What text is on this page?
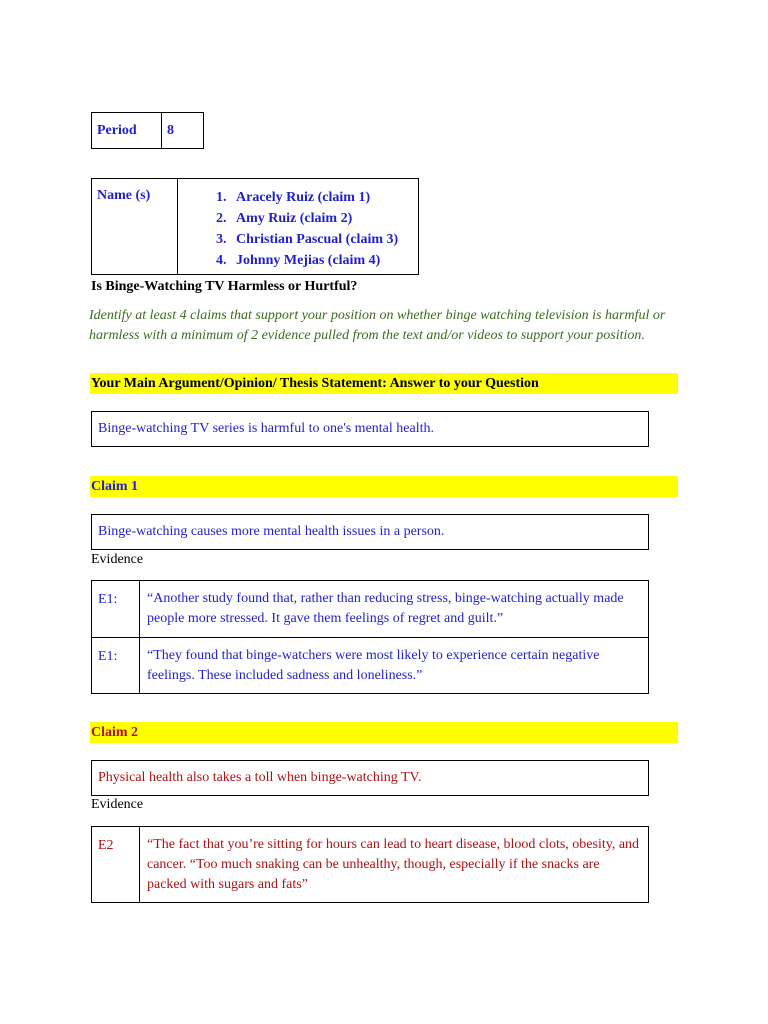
Period	8
Name (s)
1.	Aracely Ruiz (claim 1)
2. Amy Ruiz (claim 2)
3. Christian Pascual (claim 3)
4. Johnny Mejias (claim 4)
Is Binge-Watching TV Harmless or Hurtful?
Identify at least 4 claims that support your position on whether binge watching television is harmful or harmless with a minimum of 2 evidence pulled from the text and/or videos to support your position.
Your Main Argument/Opinion/ Thesis Statement: Answer to your Question
Binge-watching TV series is harmful to one's mental health.
Claim 1
Binge-watching causes more mental health issues in a person.
Evidence
E1:	“Another study found that, rather than reducing stress, binge-watching actually made people more stressed. It gave them feelings of regret and guilt.”
E1:	“They found that binge-watchers were most likely to experience certain negative feelings. These included sadness and loneliness.”
Claim 2
Physical health also takes a toll when binge-watching TV.
Evidence
E2	“The fact that you’re sitting for hours can lead to heart disease, blood clots, obesity, and cancer. “Too much snaking can be unhealthy, though, especially if the snacks are packed with sugars and fats”
